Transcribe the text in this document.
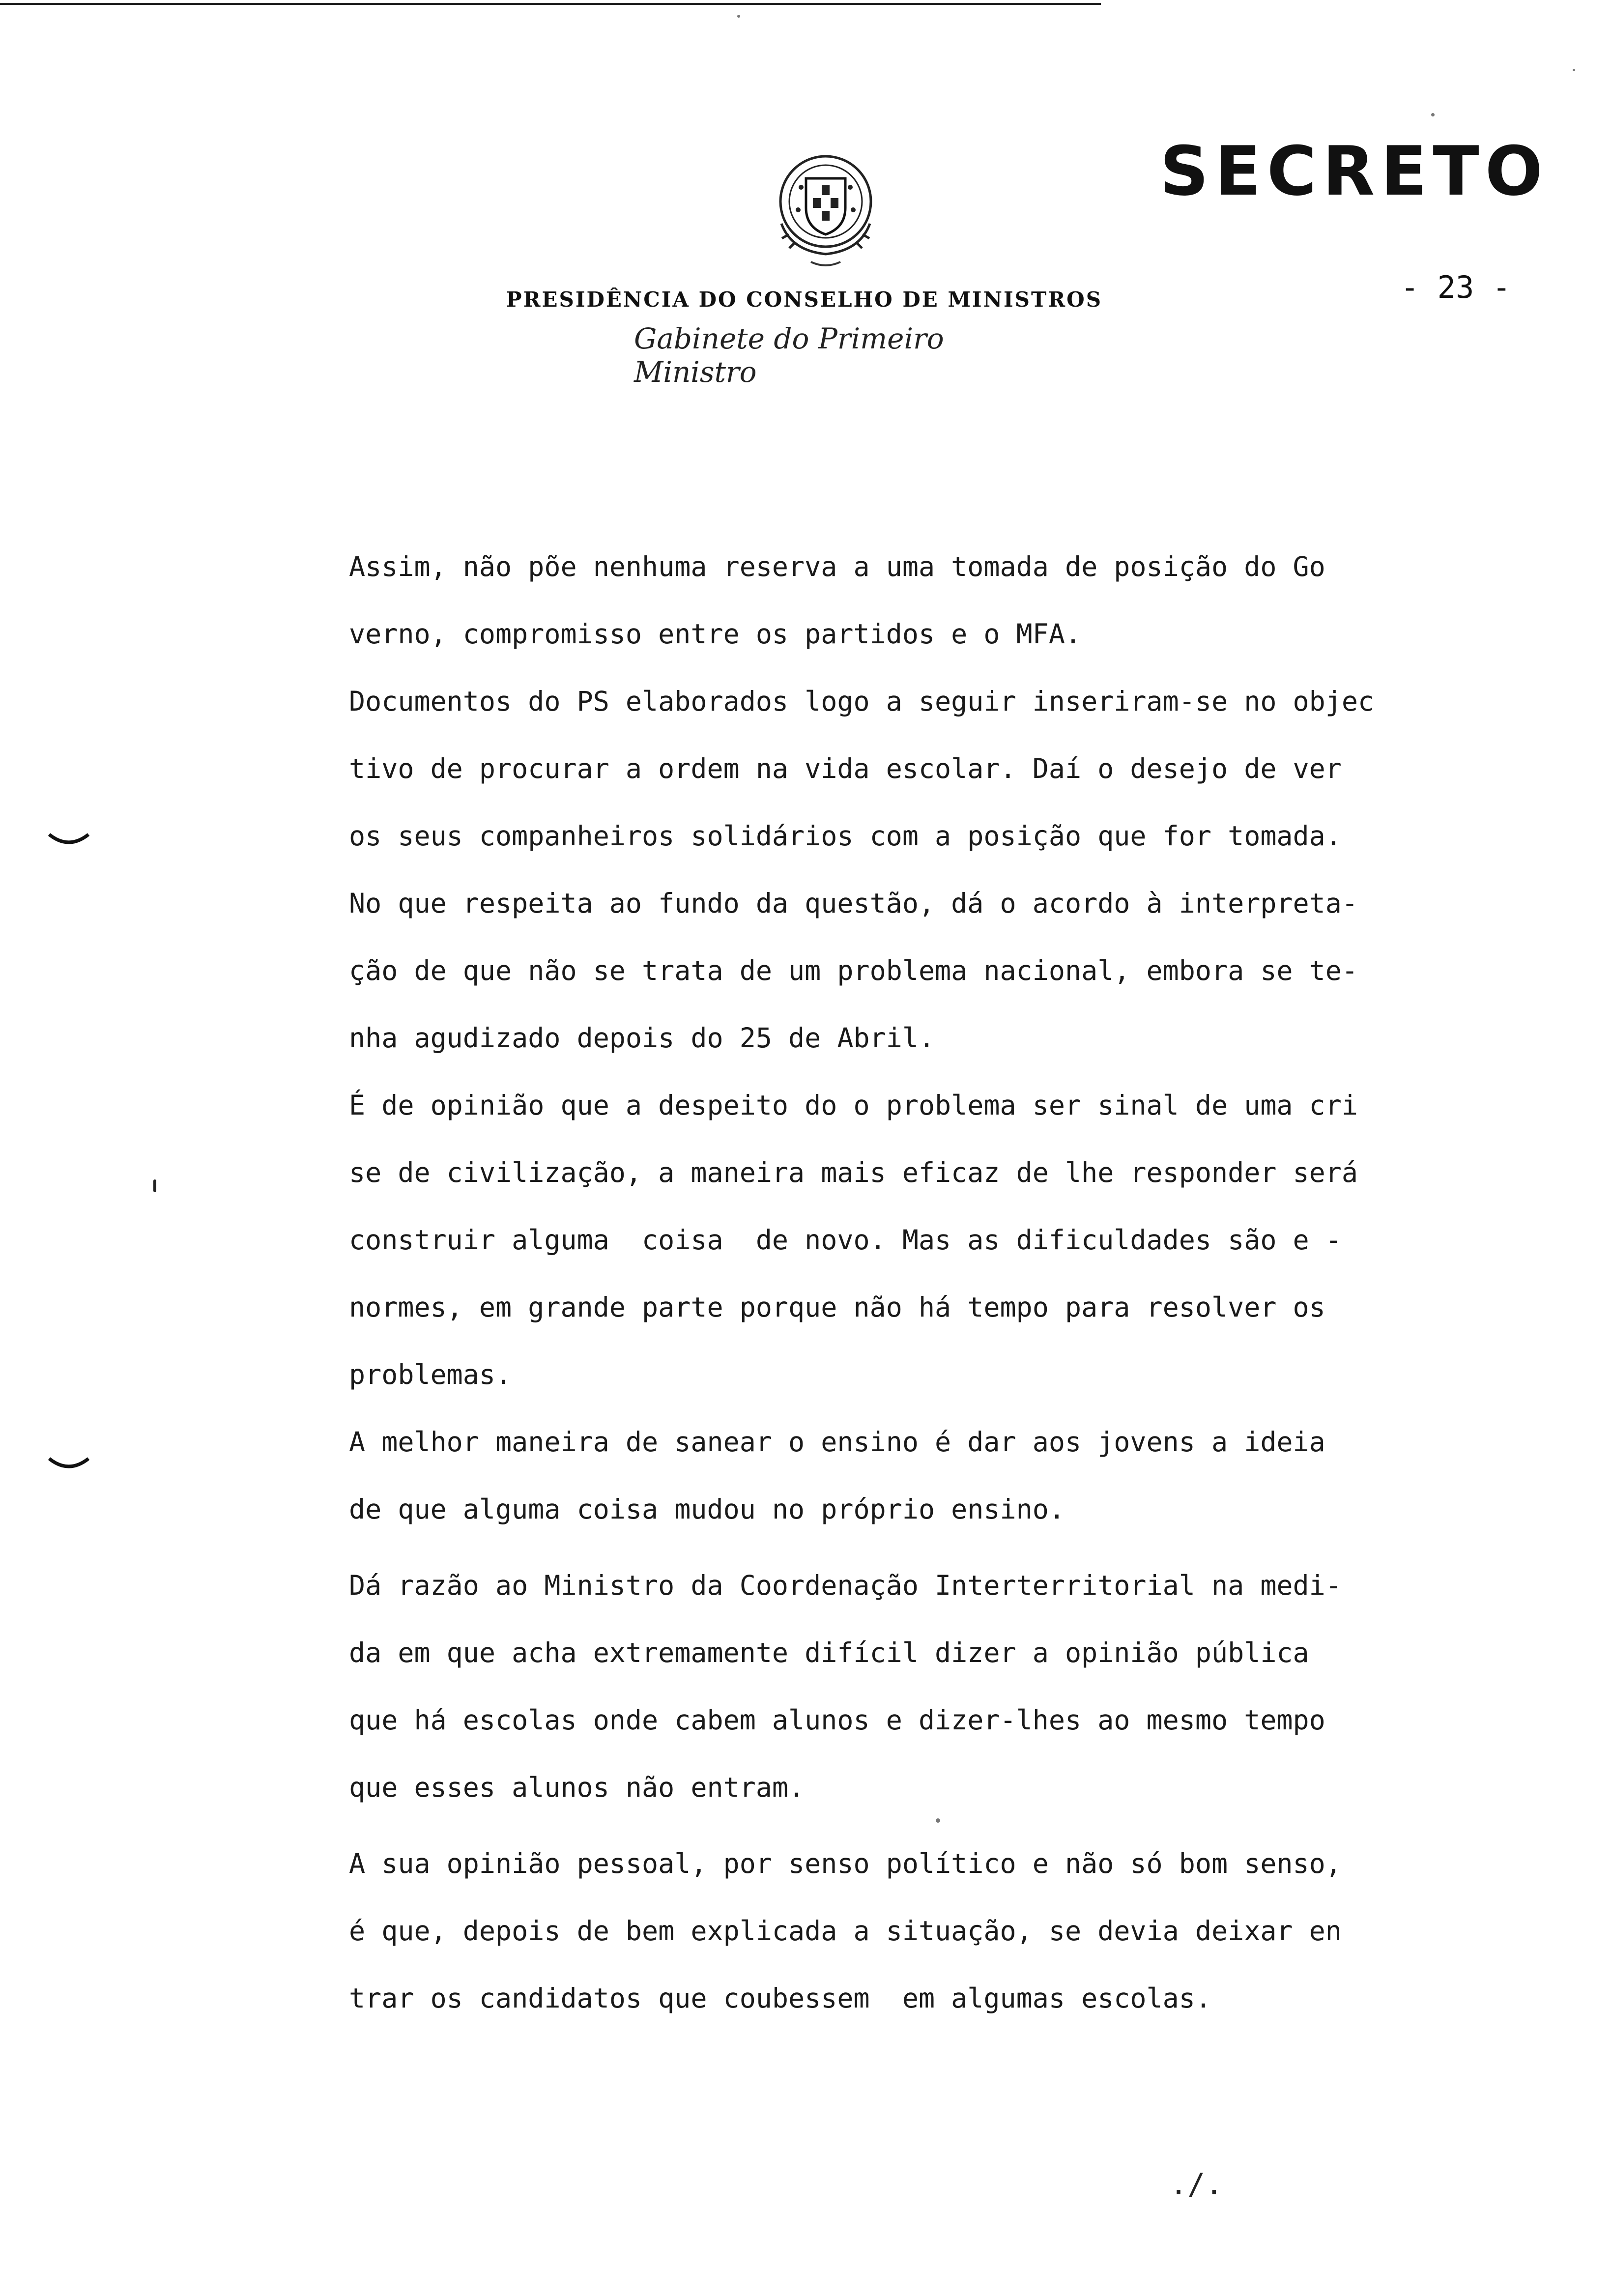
SECRETO
- 23 -
PRESIDÊNCIA DO CONSELHO DE MINISTROS
Gabinete do Primeiro Ministro
Assim, não põe nenhuma reserva a uma tomada de posição do Go
verno, compromisso entre os partidos e o MFA.
Documentos do PS elaborados logo a seguir inseriram-se no objec
tivo de procurar a ordem na vida escolar. Daí o desejo de ver
os seus companheiros solidários com a posição que for tomada.
No que respeita ao fundo da questão, dá o acordo à interpreta-
ção de que não se trata de um problema nacional, embora se te-
nha agudizado depois do 25 de Abril.
É de opinião que a despeito do o problema ser sinal de uma cri
se de civilização, a maneira mais eficaz de lhe responder será
construir alguma  coisa  de novo. Mas as dificuldades são e -
normes, em grande parte porque não há tempo para resolver os
problemas.
A melhor maneira de sanear o ensino é dar aos jovens a ideia
de que alguma coisa mudou no próprio ensino.
Dá razão ao Ministro da Coordenação Interterritorial na medi-
da em que acha extremamente difícil dizer a opinião pública
que há escolas onde cabem alunos e dizer-lhes ao mesmo tempo
que esses alunos não entram.
A sua opinião pessoal, por senso político e não só bom senso,
é que, depois de bem explicada a situação, se devia deixar en
trar os candidatos que coubessem  em algumas escolas.
./.
